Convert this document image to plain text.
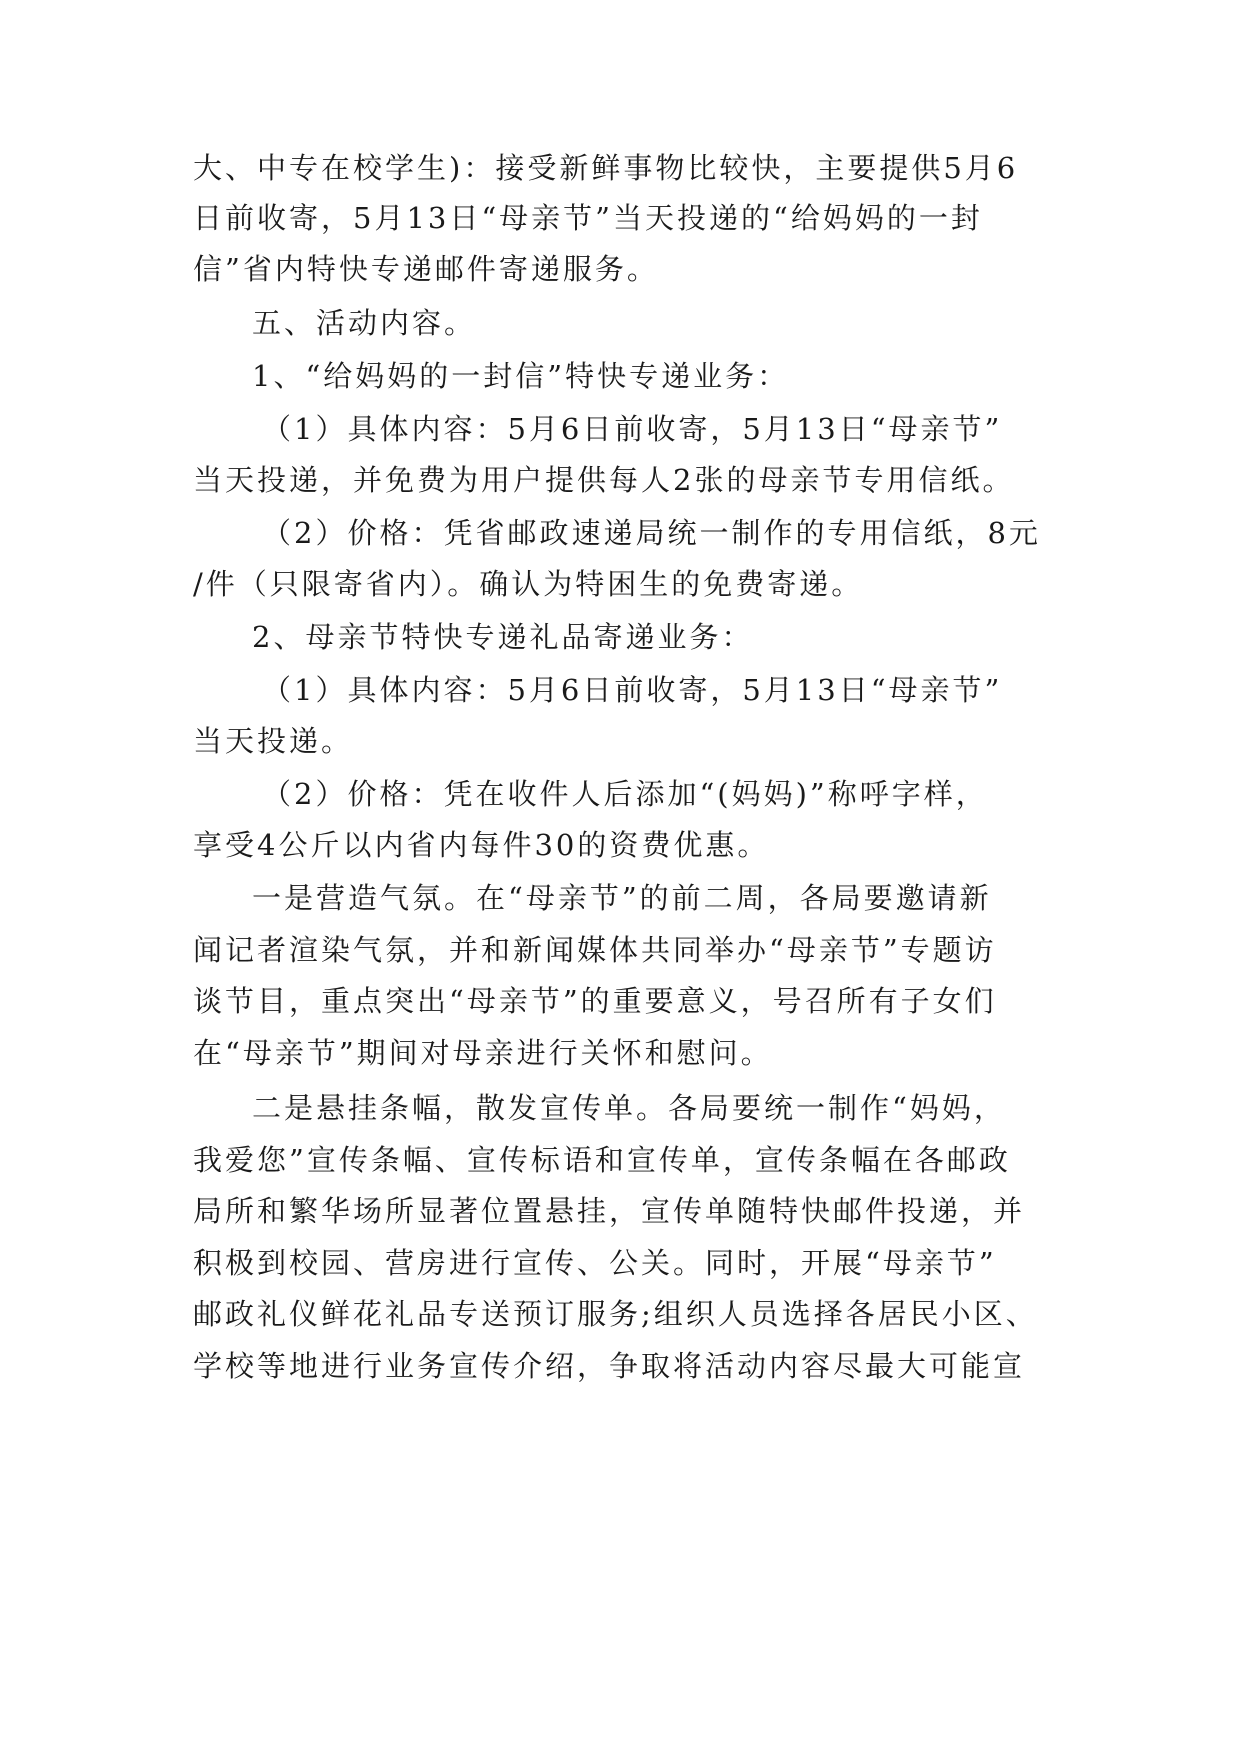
大、中专在校学生)：接受新鲜事物比较快，主要提供5月6
日前收寄，5月13日“母亲节”当天投递的“给妈妈的一封
信”省内特快专递邮件寄递服务。
五、活动内容。
1、“给妈妈的一封信”特快专递业务：
（1）具体内容：5月6日前收寄，5月13日“母亲节”
当天投递，并免费为用户提供每人2张的母亲节专用信纸。
（2）价格：凭省邮政速递局统一制作的专用信纸，8元
/件（只限寄省内）。确认为特困生的免费寄递。
2、母亲节特快专递礼品寄递业务：
（1）具体内容：5月6日前收寄，5月13日“母亲节”
当天投递。
（2）价格：凭在收件人后添加“(妈妈)”称呼字样，
享受4公斤以内省内每件30的资费优惠。
一是营造气氛。在“母亲节”的前二周，各局要邀请新
闻记者渲染气氛，并和新闻媒体共同举办“母亲节”专题访
谈节目，重点突出“母亲节”的重要意义，号召所有子女们
在“母亲节”期间对母亲进行关怀和慰问。
二是悬挂条幅，散发宣传单。各局要统一制作“妈妈，
我爱您”宣传条幅、宣传标语和宣传单，宣传条幅在各邮政
局所和繁华场所显著位置悬挂，宣传单随特快邮件投递，并
积极到校园、营房进行宣传、公关。同时，开展“母亲节”
邮政礼仪鲜花礼品专送预订服务;组织人员选择各居民小区、
学校等地进行业务宣传介绍，争取将活动内容尽最大可能宣
